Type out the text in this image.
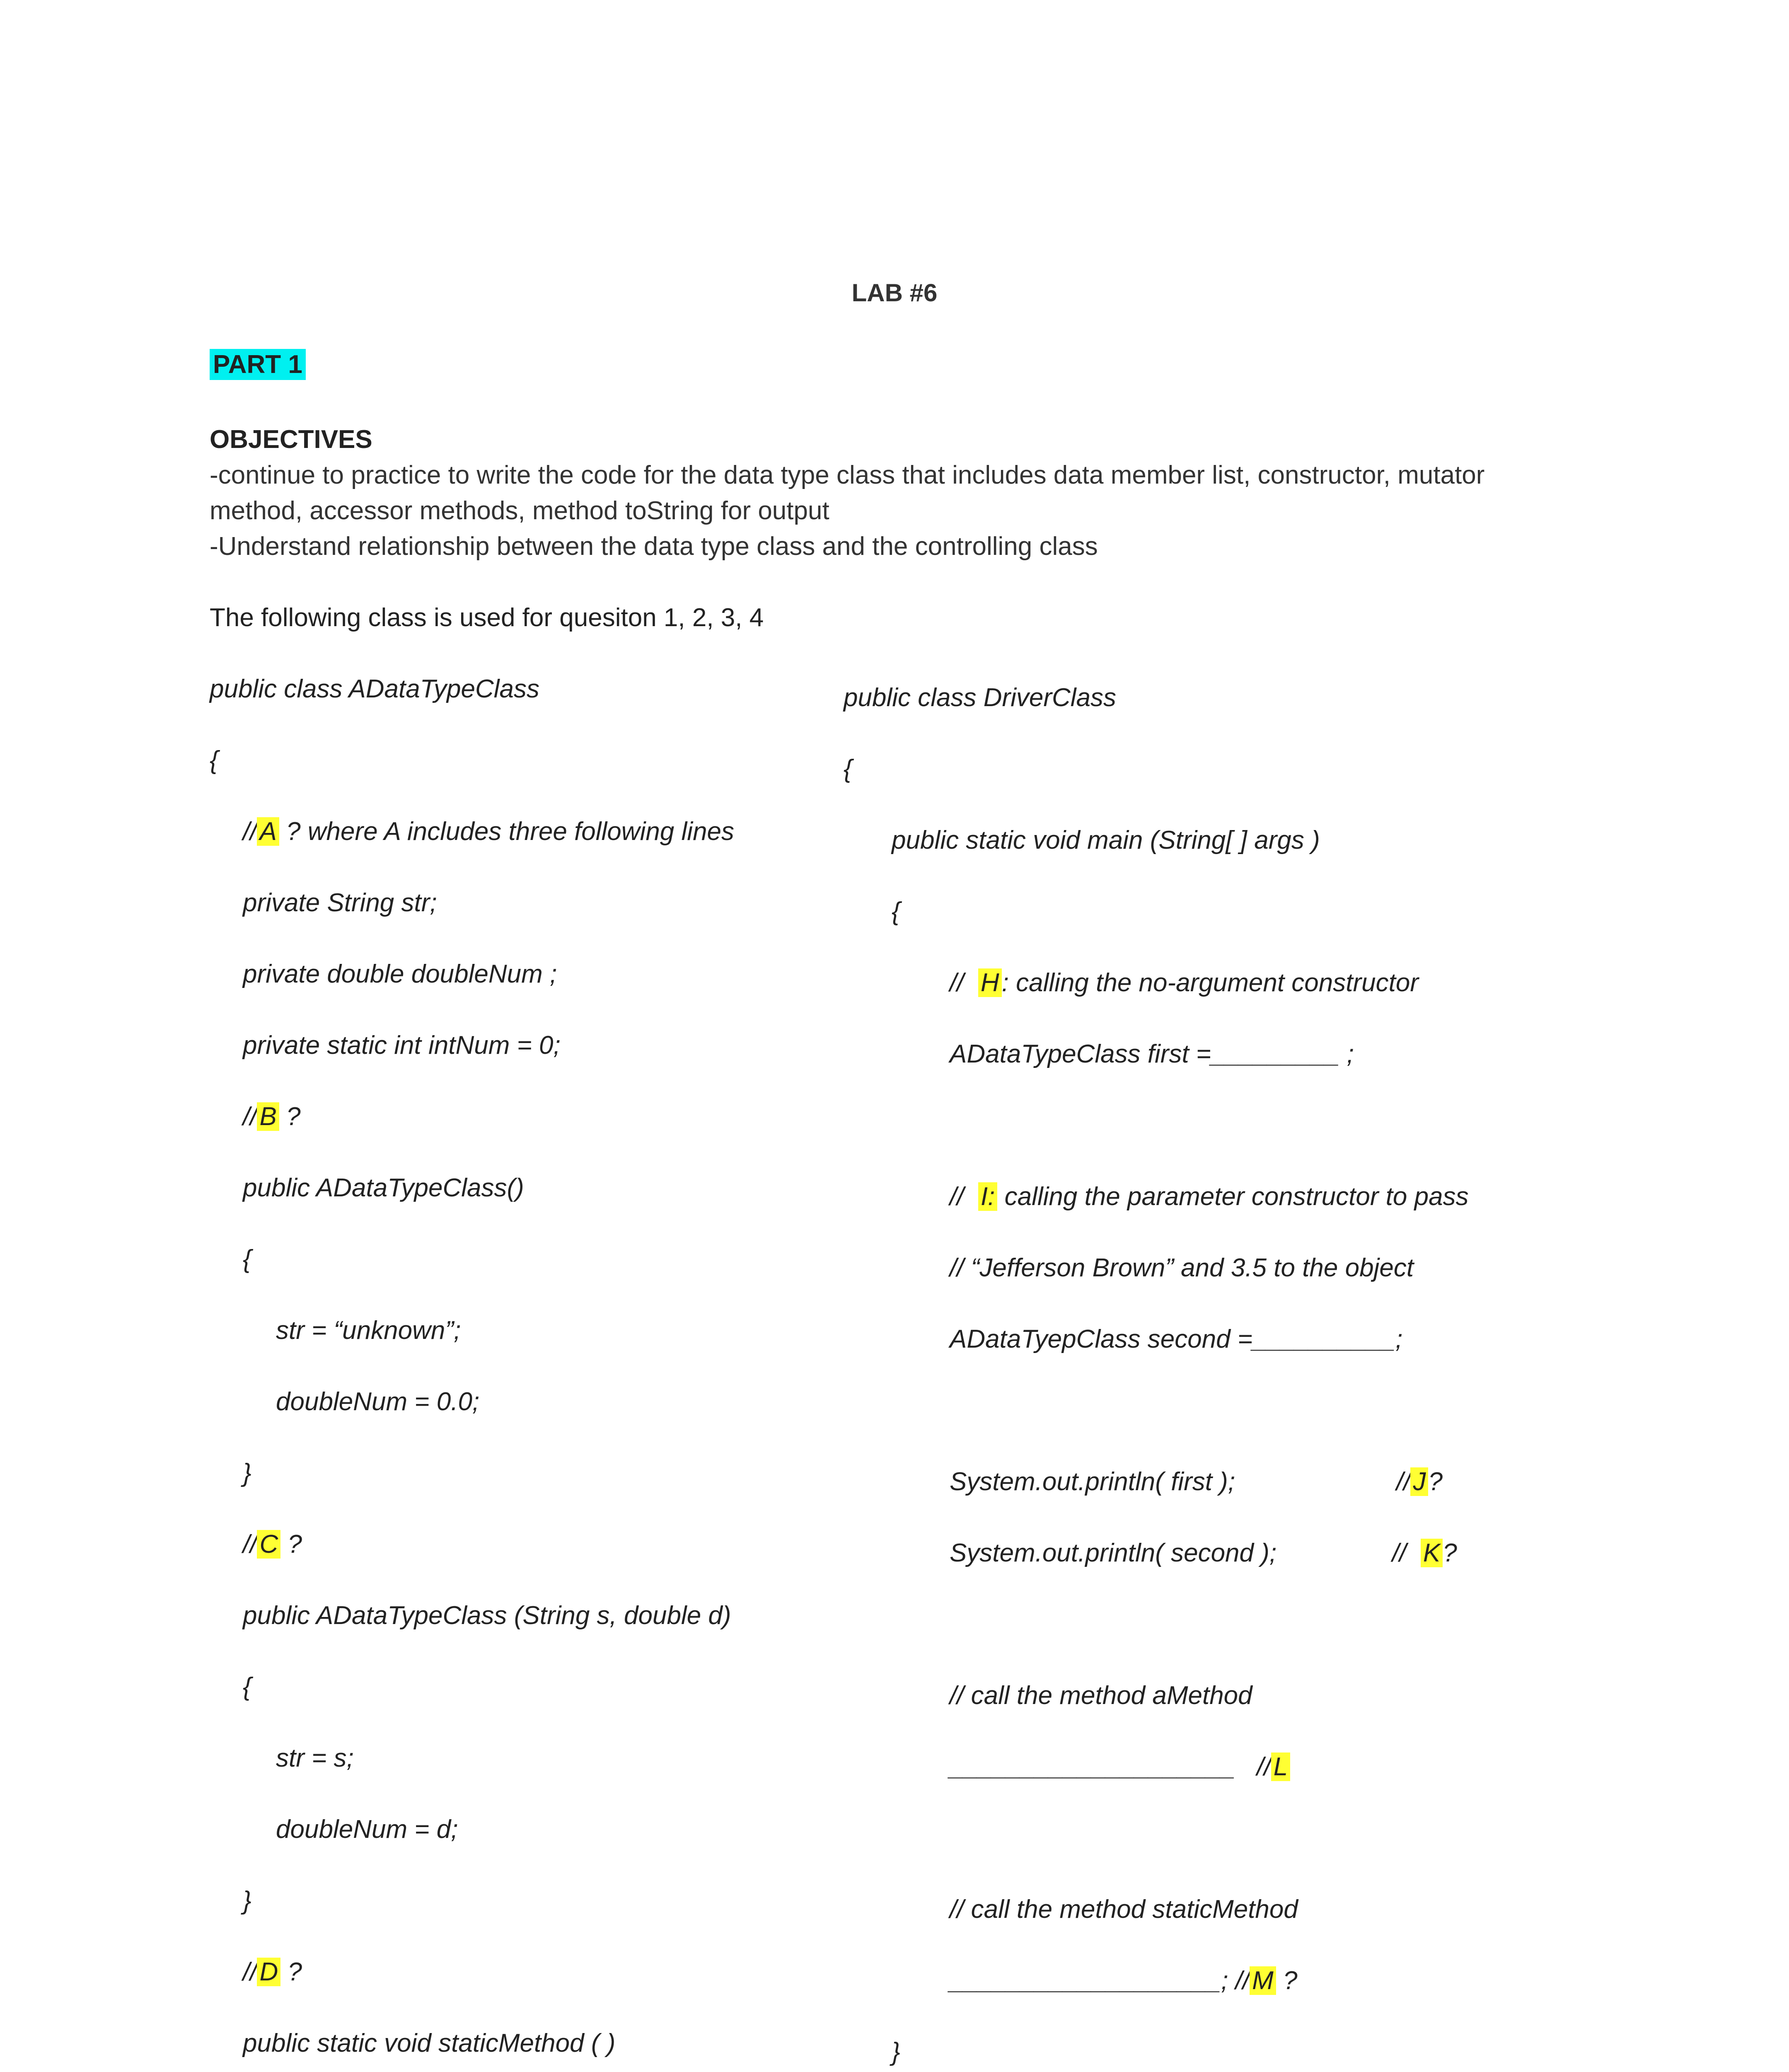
LAB #6
PART 1
OBJECTIVES
-continue to practice to write the code for the data type class that includes data member list, constructor, mutator
method, accessor methods, method toString for output
-Understand relationship between the data type class and the controlling class
The following class is used for quesiton 1, 2, 3, 4

public class ADataTypeClass

{

//A ? where A includes three following lines

private String str;

private double doubleNum ;

private static int intNum = 0;

//B ?

public ADataTypeClass()

{

str = “unknown”;

doubleNum = 0.0;

}

//C ?

public ADataTypeClass (String s, double d)

{

str = s;

doubleNum = d;

}

//D ?

public static void staticMethod ( )

public class DriverClass

{

public static void main (String[ ] args )

{

//  H: calling the no-argument constructor

ADataTypeClass first =_________ ;

//  I: calling the parameter constructor to pass

// “Jefferson Brown” and 3.5 to the object

ADataTyepClass second =__________;

System.out.println( first );	//J?

System.out.println( second );	//  K?

// call the method aMethod

____________________   //L

// call the method staticMethod

___________________; //M ?

}
